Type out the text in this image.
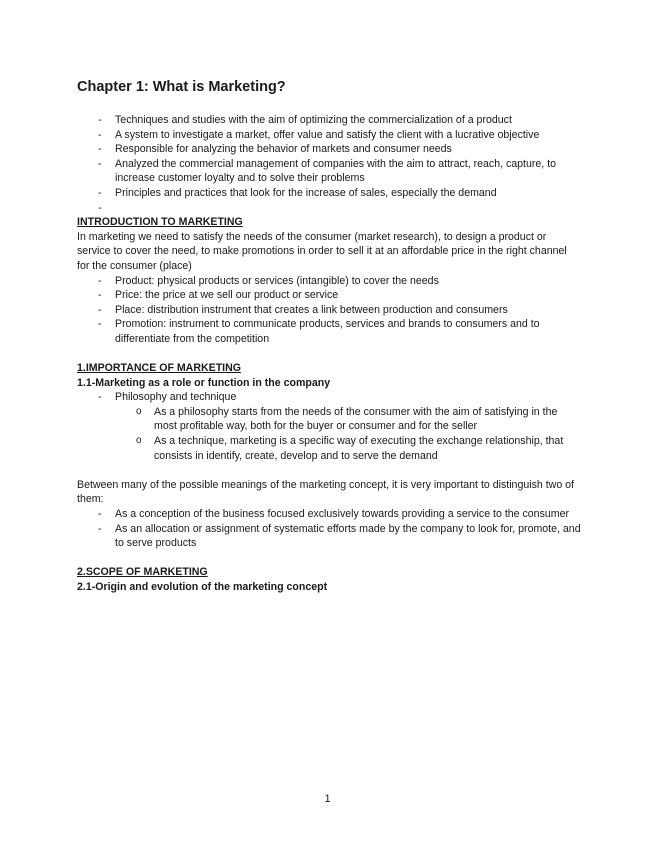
Chapter 1: What is Marketing?
- Techniques and studies with the aim of optimizing the commercialization of a product
- A system to investigate a market, offer value and satisfy the client with a lucrative objective
- Responsible for analyzing the behavior of markets and consumer needs
- Analyzed the commercial management of companies with the aim to attract, reach, capture, to increase customer loyalty and to solve their problems
- Principles and practices that look for the increase of sales, especially the demand
-
INTRODUCTION TO MARKETING

In marketing we need to satisfy the needs of the consumer (market research), to design a product or service to cover the need, to make promotions in order to sell it at an affordable price in the right channel for the consumer (place)

- Product: physical products or services (intangible) to cover the needs
- Price: the price at we sell our product or service
- Place: distribution instrument that creates a link between production and consumers
- Promotion: instrument to communicate products, services and brands to consumers and to differentiate from the competition
1.IMPORTANCE OF MARKETING
1.1-Marketing as a role or function in the company
- Philosophy and technique
o As a philosophy starts from the needs of the consumer with the aim of satisfying in the most profitable way, both for the buyer or consumer and for the seller
o As a technique, marketing is a specific way of executing the exchange relationship, that consists in identify, create, develop and to serve the demand

Between many of the possible meanings of the marketing concept, it is very important to distinguish two of them:

- As a conception of the business focused exclusively towards providing a service to the consumer
- As an allocation or assignment of systematic efforts made by the company to look for, promote, and to serve products
2.SCOPE OF MARKETING
2.1-Origin and evolution of the marketing concept
1
